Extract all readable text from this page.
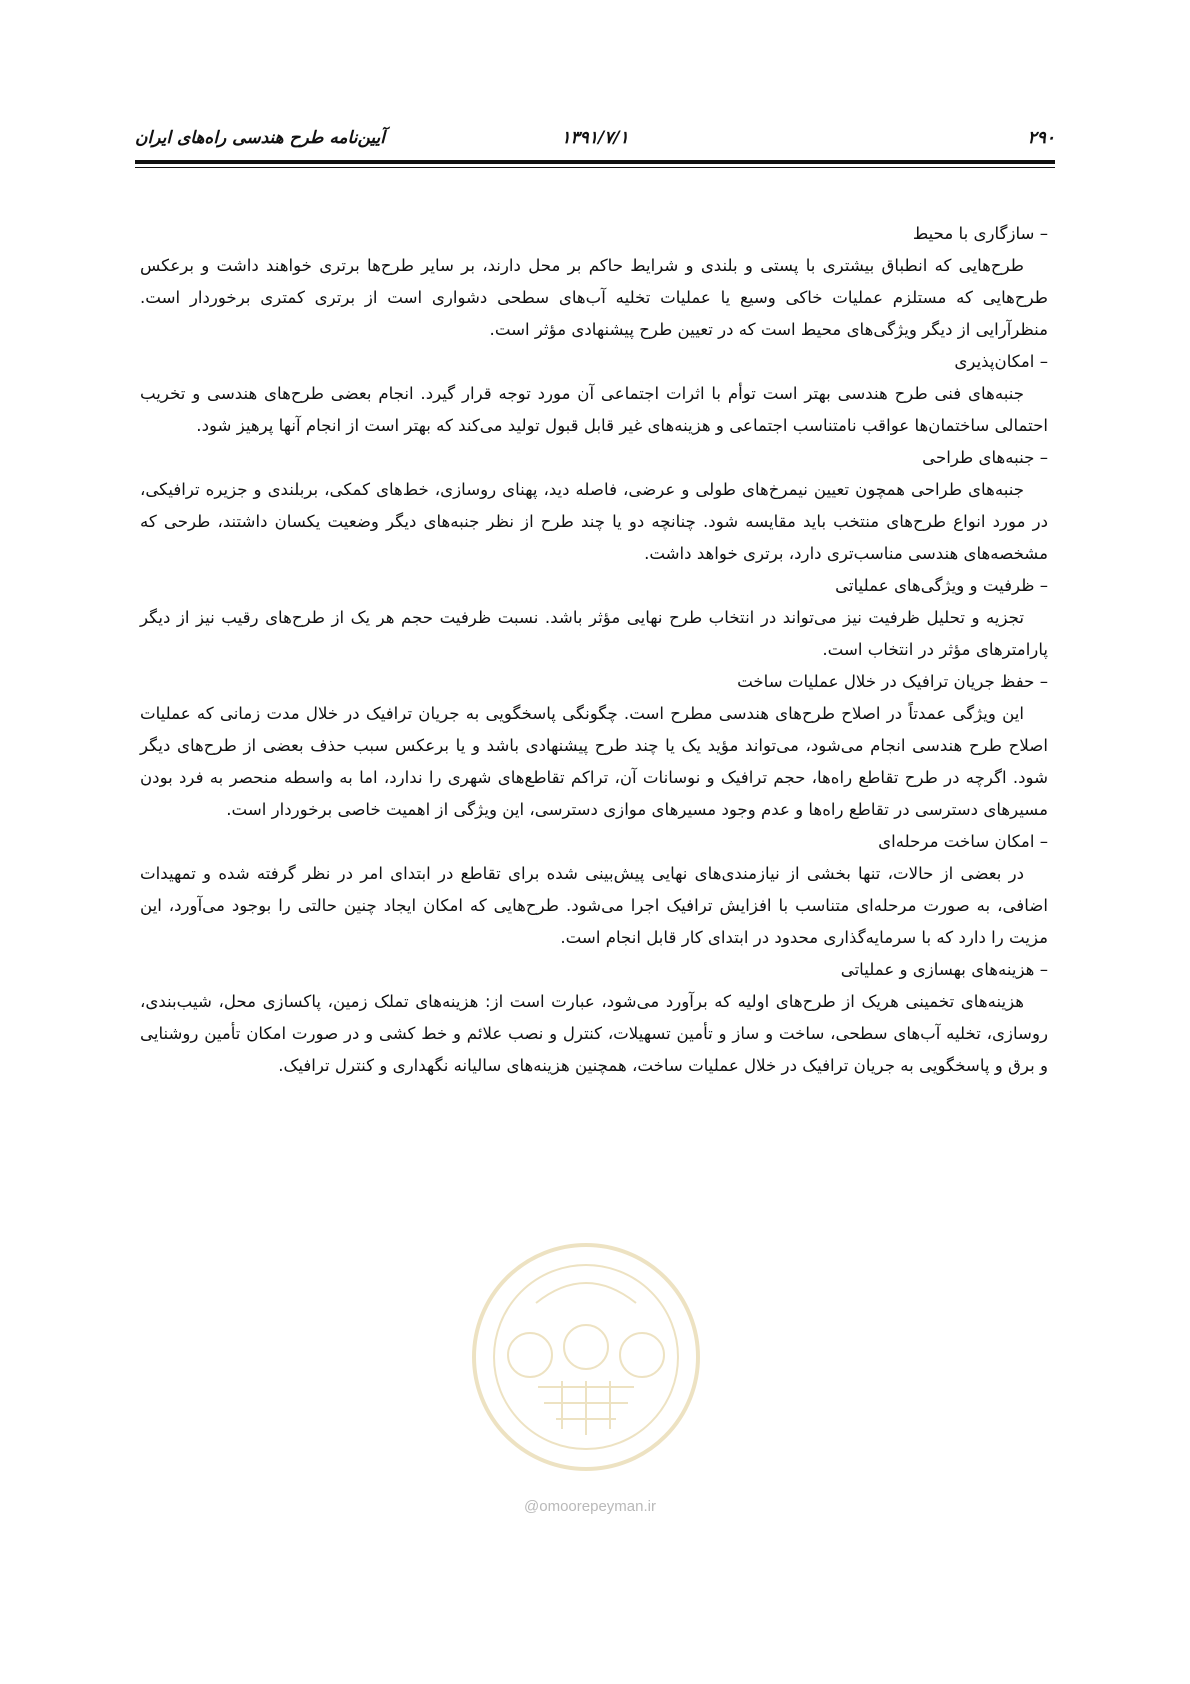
۲۹۰
۱۳۹۱/۷/۱
آیین‌نامه طرح هندسی راه‌های ایران

– سازگاری با محیط

طرح‌هایی که انطباق بیشتری با پستی و بلندی و شرایط حاکم بر محل دارند، بر سایر طرح‌ها برتری خواهند داشت و برعکس طرح‌هایی که مستلزم عملیات خاکی وسیع یا عملیات تخلیه آب‌های سطحی دشواری است از برتری کمتری برخوردار است. منظرآرایی از دیگر ویژگی‌های محیط است که در تعیین طرح پیشنهادی مؤثر است.

– امکان‌پذیری

جنبه‌های فنی طرح هندسی بهتر است توأم با اثرات اجتماعی آن مورد توجه قرار گیرد. انجام بعضی طرح‌های هندسی و تخریب احتمالی ساختمان‌ها عواقب نامتناسب اجتماعی و هزینه‌های غیر قابل قبول تولید می‌کند که بهتر است از انجام آنها پرهیز شود.

– جنبه‌های طراحی

جنبه‌های طراحی همچون تعیین نیمرخ‌های طولی و عرضی، فاصله دید، پهنای روسازی، خط‌های کمکی، بربلندی و جزیره ترافیکی، در مورد انواع طرح‌های منتخب باید مقایسه شود. چنانچه دو یا چند طرح از نظر جنبه‌های دیگر وضعیت یکسان داشتند، طرحی که مشخصه‌های هندسی مناسب‌تری دارد، برتری خواهد داشت.

– ظرفیت و ویژگی‌های عملیاتی

تجزیه و تحلیل ظرفیت نیز می‌تواند در انتخاب طرح نهایی مؤثر باشد. نسبت ظرفیت حجم هر یک از طرح‌های رقیب نیز از دیگر پارامترهای مؤثر در انتخاب است.

– حفظ جریان ترافیک در خلال عملیات ساخت

این ویژگی عمدتاً در اصلاح طرح‌های هندسی مطرح است. چگونگی پاسخگویی به جریان ترافیک در خلال مدت زمانی که عملیات اصلاح طرح هندسی انجام می‌شود، می‌تواند مؤید یک یا چند طرح پیشنهادی باشد و یا برعکس سبب حذف بعضی از طرح‌های دیگر شود. اگرچه در طرح تقاطع راه‌ها، حجم ترافیک و نوسانات آن، تراکم تقاطع‌های شهری را ندارد، اما به واسطه منحصر به فرد بودن مسیرهای دسترسی در تقاطع راه‌ها و عدم وجود مسیرهای موازی دسترسی، این ویژگی از اهمیت خاصی برخوردار است.

– امکان ساخت مرحله‌ای

در بعضی از حالات، تنها بخشی از نیازمندی‌های نهایی پیش‌بینی شده برای تقاطع در ابتدای امر در نظر گرفته شده و تمهیدات اضافی، به صورت مرحله‌ای متناسب با افزایش ترافیک اجرا می‌شود. طرح‌هایی که امکان ایجاد چنین حالتی را بوجود می‌آورد، این مزیت را دارد که با سرمایه‌گذاری محدود در ابتدای کار قابل انجام است.

– هزینه‌های بهسازی و عملیاتی

هزینه‌های تخمینی هریک از طرح‌های اولیه که برآورد می‌شود، عبارت است از: هزینه‌های تملک زمین، پاکسازی محل، شیب‌بندی، روسازی، تخلیه آب‌های سطحی، ساخت و ساز و تأمین تسهیلات، کنترل و نصب علائم و خط کشی و در صورت امکان تأمین روشنایی و برق و پاسخگویی به جریان ترافیک در خلال عملیات ساخت، همچنین هزینه‌های سالیانه نگهداری و کنترل ترافیک.

@omoorepeyman.ir
